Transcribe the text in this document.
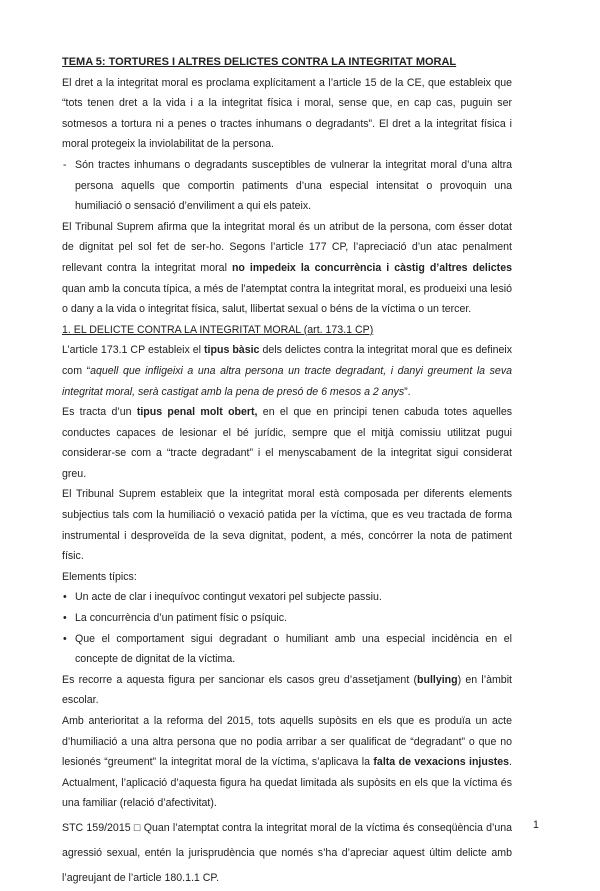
TEMA 5: TORTURES I ALTRES DELICTES CONTRA LA INTEGRITAT MORAL

El dret a la integritat moral es proclama explícitament a l’article 15 de la CE, que estableix que “tots tenen dret a la vida i a la integritat física i moral, sense que, en cap cas, puguin ser sotmesos a tortura ni a penes o tractes inhumans o degradants”. El dret a la integritat física i moral protegeix la inviolabilitat de la persona.

- Són tractes inhumans o degradants susceptibles de vulnerar la integritat moral d’una altra persona aquells que comportin patiments d’una especial intensitat o provoquin una humiliació o sensació d’enviliment a qui els pateix.

El Tribunal Suprem afirma que la integritat moral és un atribut de la persona, com ésser dotat de dignitat pel sol fet de ser-ho. Segons l’article 177 CP, l’apreciació d’un atac penalment rellevant contra la integritat moral no impedeix la concurrència i càstig d’altres delictes quan amb la concuta típica, a més de l’atemptat contra la integritat moral, es produeixi una lesió o dany a la vida o integritat física, salut, llibertat sexual o béns de la víctima o un tercer.

1. EL DELICTE CONTRA LA INTEGRITAT MORAL (art. 173.1 CP)

L’article 173.1 CP estableix el tipus bàsic dels delictes contra la integritat moral que es defineix com “aquell que infligeixi a una altra persona un tracte degradant, i danyi greument la seva integritat moral, serà castigat amb la pena de presó de 6 mesos a 2 anys”.

Es tracta d’un tipus penal molt obert, en el que en principi tenen cabuda totes aquelles conductes capaces de lesionar el bé jurídic, sempre que el mitjà comissiu utilitzat pugui considerar-se com a “tracte degradant” i el menyscabament de la integritat sigui considerat greu.

El Tribunal Suprem estableix que la integritat moral està composada per diferents elements subjectius tals com la humiliació o vexació patida per la víctima, que es veu tractada de forma instrumental i desproveïda de la seva dignitat, podent, a més, concórrer la nota de patiment físic.

Elements típics:

• Un acte de clar i inequívoc contingut vexatori pel subjecte passiu.

• La concurrència d’un patiment físic o psíquic.

• Que el comportament sigui degradant o humiliant amb una especial incidència en el concepte de dignitat de la víctima.

Es recorre a aquesta figura per sancionar els casos greu d’assetjament (bullying) en l’àmbit escolar.

Amb anterioritat a la reforma del 2015, tots aquells supòsits en els que es produïa un acte d’humiliació a una altra persona que no podia arribar a ser qualificat de “degradant” o que no lesionés “greument” la integritat moral de la víctima, s’aplicava la falta de vexacions injustes. Actualment, l’aplicació d’aquesta figura ha quedat limitada als supòsits en els que la víctima és una familiar (relació d’afectivitat).

STC 159/2015 □ Quan l’atemptat contra la integritat moral de la víctima és conseqüència d’una agressió sexual, entén la jurisprudència que només s’ha d’apreciar aquest últim delicte amb l’agreujant de l’article 180.1.1 CP.

1
